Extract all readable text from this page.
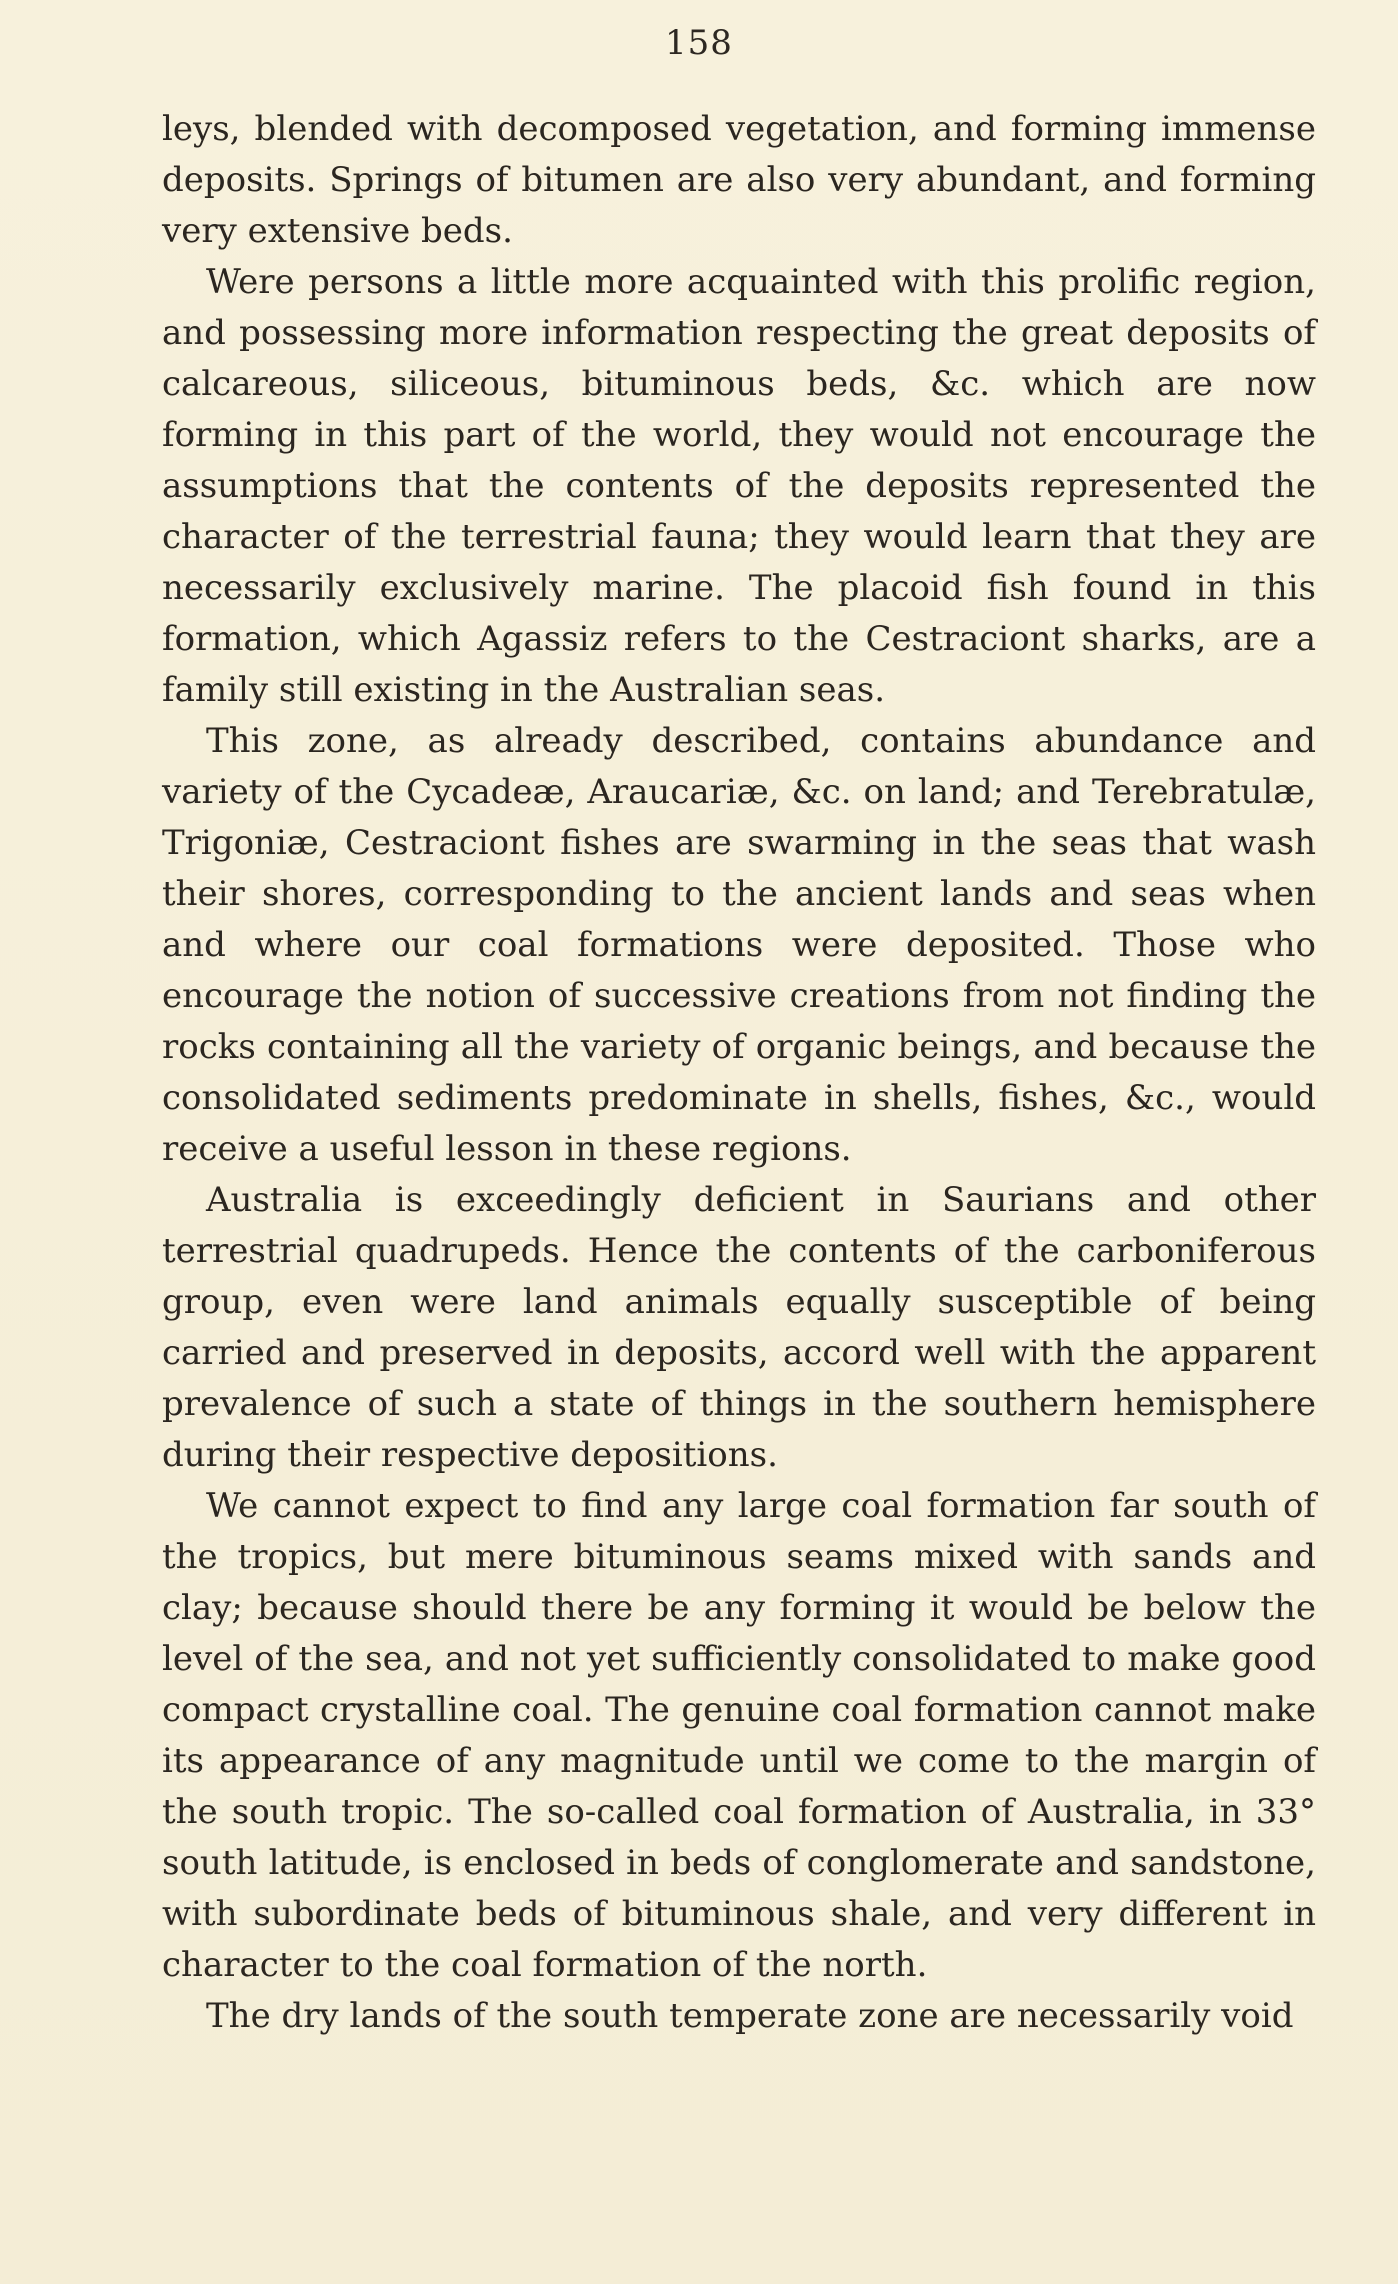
158

leys, blended with decomposed vegetation, and forming immense deposits. Springs of bitumen are also very abundant, and forming very extensive beds.

Were persons a little more acquainted with this prolific region, and possessing more information respecting the great deposits of calcareous, siliceous, bituminous beds, &c. which are now forming in this part of the world, they would not encourage the assumptions that the contents of the deposits represented the character of the terrestrial fauna; they would learn that they are necessarily exclusively marine. The placoid fish found in this formation, which Agassiz refers to the Cestraciont sharks, are a family still existing in the Australian seas.

This zone, as already described, contains abundance and variety of the Cycadeæ, Araucariæ, &c. on land; and Terebratulæ, Trigoniæ, Cestraciont fishes are swarming in the seas that wash their shores, corresponding to the ancient lands and seas when and where our coal formations were deposited. Those who encourage the notion of successive creations from not finding the rocks containing all the variety of organic beings, and because the consolidated sediments predominate in shells, fishes, &c., would receive a useful lesson in these regions.

Australia is exceedingly deficient in Saurians and other terrestrial quadrupeds. Hence the contents of the carboniferous group, even were land animals equally susceptible of being carried and preserved in deposits, accord well with the apparent prevalence of such a state of things in the southern hemisphere during their respective depositions.

We cannot expect to find any large coal formation far south of the tropics, but mere bituminous seams mixed with sands and clay; because should there be any forming it would be below the level of the sea, and not yet sufficiently consolidated to make good compact crystalline coal. The genuine coal formation cannot make its appearance of any magnitude until we come to the margin of the south tropic. The so-called coal formation of Australia, in 33° south latitude, is enclosed in beds of conglomerate and sandstone, with subordinate beds of bituminous shale, and very different in character to the coal formation of the north.

The dry lands of the south temperate zone are necessarily void
